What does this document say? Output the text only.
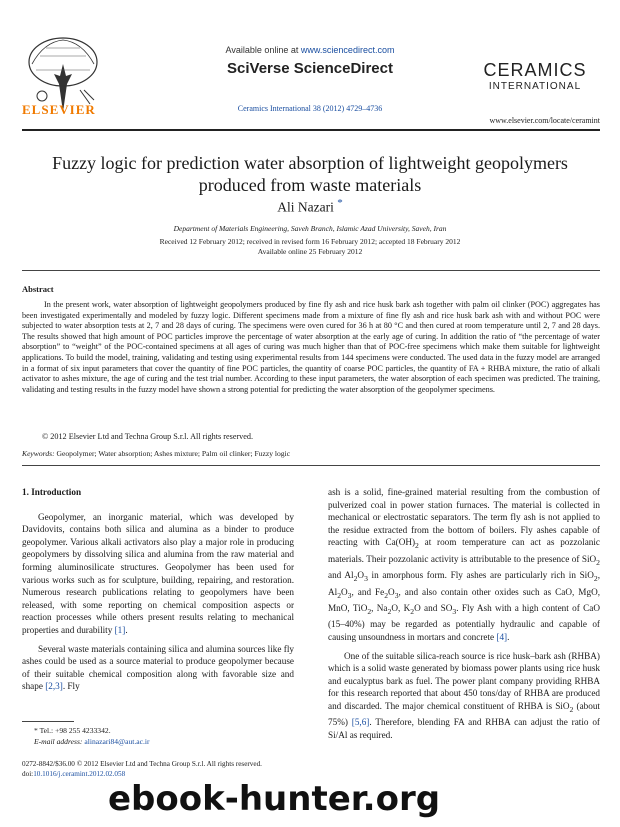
ELSEVIER
Available online at www.sciencedirect.com
SciVerse ScienceDirect
Ceramics International 38 (2012) 4729–4736
CERAMICS
INTERNATIONAL
www.elsevier.com/locate/ceramint
Fuzzy logic for prediction water absorption of lightweight geopolymers produced from waste materials
Ali Nazari *
Department of Materials Engineering, Saveh Branch, Islamic Azad University, Saveh, Iran
Received 12 February 2012; received in revised form 16 February 2012; accepted 18 February 2012
Available online 25 February 2012
Abstract
In the present work, water absorption of lightweight geopolymers produced by fine fly ash and rice husk bark ash together with palm oil clinker (POC) aggregates has been investigated experimentally and modeled by fuzzy logic. Different specimens made from a mixture of fine fly ash and rice husk bark ash with and without POC were subjected to water absorption tests at 2, 7 and 28 days of curing. The specimens were oven cured for 36 h at 80 °C and then cured at room temperature until 2, 7 and 28 days. The results showed that high amount of POC particles improve the percentage of water absorption at the early age of curing. In addition the ratio of “the percentage of water absorption” to “weight” of the POC-contained specimens at all ages of curing was much higher than that of POC-free specimens which make them suitable for lightweight applications. To build the model, training, validating and testing using experimental results from 144 specimens were conducted. The used data in the fuzzy model are arranged in a format of six input parameters that cover the quantity of fine POC particles, the quantity of coarse POC particles, the quantity of FA + RHBA mixture, the ratio of alkali activator to ashes mixture, the age of curing and the test trial number. According to these input parameters, the water absorption of each specimen was predicted. The training, validating and testing results in the fuzzy model have shown a strong potential for predicting the water absorption of the geopolymer specimens.
© 2012 Elsevier Ltd and Techna Group S.r.l. All rights reserved.
Keywords: Geopolymer; Water absorption; Ashes mixture; Palm oil clinker; Fuzzy logic

1. Introduction

Geopolymer, an inorganic material, which was developed by Davidovits, contains both silica and alumina as a binder to produce geopolymer. Various alkali activators also play a major role in producing geopolymers by dissolving silica and alumina from the raw material and forming aluminosilicate structures. Geopolymer has been used for various works such as for sculpture, building, repairing, and restoration. Numerous research publications relating to geopolymers have been released, with some reporting on chemical composition aspects or reaction processes while others present results relating to mechanical properties and durability [1].

Several waste materials containing silica and alumina sources like fly ashes could be used as a source material to produce geopolymer because of their suitable chemical composition along with favorable size and shape [2,3]. Fly

ash is a solid, fine-grained material resulting from the combustion of pulverized coal in power station furnaces. The material is collected in mechanical or electrostatic separators. The term fly ash is not applied to the residue extracted from the bottom of boilers. Fly ashes capable of reacting with $Ca(OH)_2$ at room temperature can act as pozzolanic materials. Their pozzolanic activity is attributable to the presence of SiO$_2$ and $Al_2O_3$ in amorphous form. Fly ashes are particularly rich in SiO$_2$, $Al_2O_3$, and $Fe_2O_3$, and also contain other oxides such as CaO, MgO, MnO, TiO$_2$, $Na_2O$, $K_2O$ and $SO_3$. Fly Ash with a high content of CaO (15–40%) may be regarded as potentially hydraulic and capable of causing unsoundness in mortars and concrete [4].

One of the suitable silica-reach source is rice husk–bark ash (RHBA) which is a solid waste generated by biomass power plants using rice husk and eucalyptus bark as fuel. The power plant company providing RHBA for this research reported that about 450 tons/day of RHBA are produced and discarded. The major chemical constituent of RHBA is SiO$_2$ (about 75%) [5,6]. Therefore, blending FA and RHBA can adjust the ratio of Si/Al as required.

* Tel.: +98 255 4233342.
E-mail address: alinazari84@aut.ac.ir
0272-8842/$36.00 © 2012 Elsevier Ltd and Techna Group S.r.l. All rights reserved.
doi:10.1016/j.ceramint.2012.02.058
ebook-hunter.org
